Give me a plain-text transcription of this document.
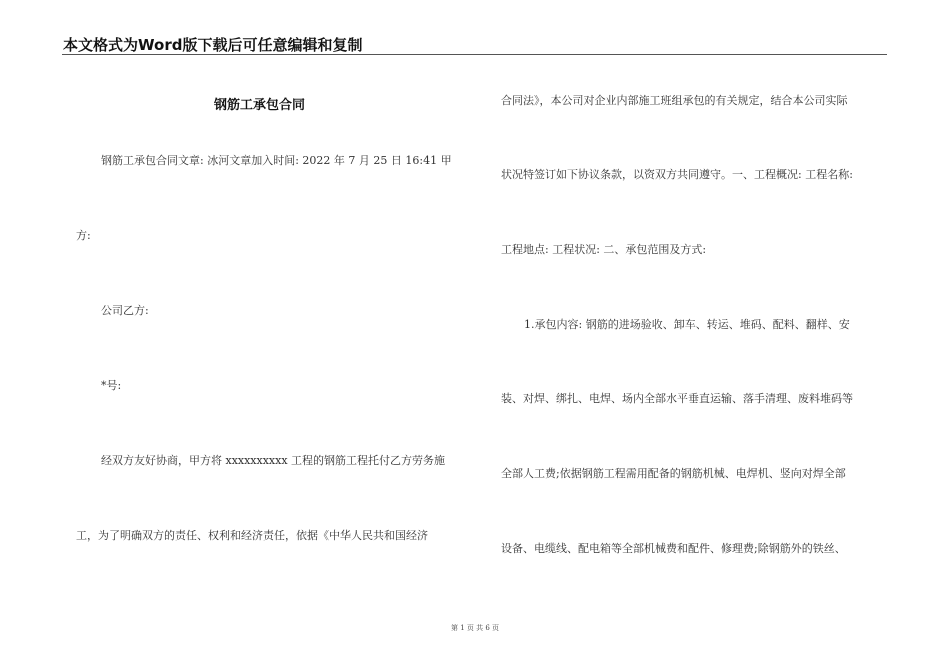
本文格式为Word版下载后可任意编辑和复制
钢筋工承包合同
钢筋工承包合同文章: 冰河文章加入时间: 2022 年 7 月 25 日 16:41 甲
方:
公司乙方:
*号:
经双方友好协商，甲方将 xxxxxxxxxx 工程的钢筋工程托付乙方劳务施
工，为了明确双方的责任、权利和经济责任，依据《中华人民共和国经济
合同法》，本公司对企业内部施工班组承包的有关规定，结合本公司实际
状况特签订如下协议条款，以资双方共同遵守。一、工程概况: 工程名称:
工程地点: 工程状况: 二、承包范围及方式:
1.承包内容: 钢筋的进场验收、卸车、转运、堆码、配料、翻样、安
装、对焊、绑扎、电焊、场内全部水平垂直运输、落手清理、废料堆码等
全部人工费;依据钢筋工程需用配备的钢筋机械、电焊机、竖向对焊全部
设备、电缆线、配电箱等全部机械费和配件、修理费;除钢筋外的铁丝、
第 1 页 共 6 页
